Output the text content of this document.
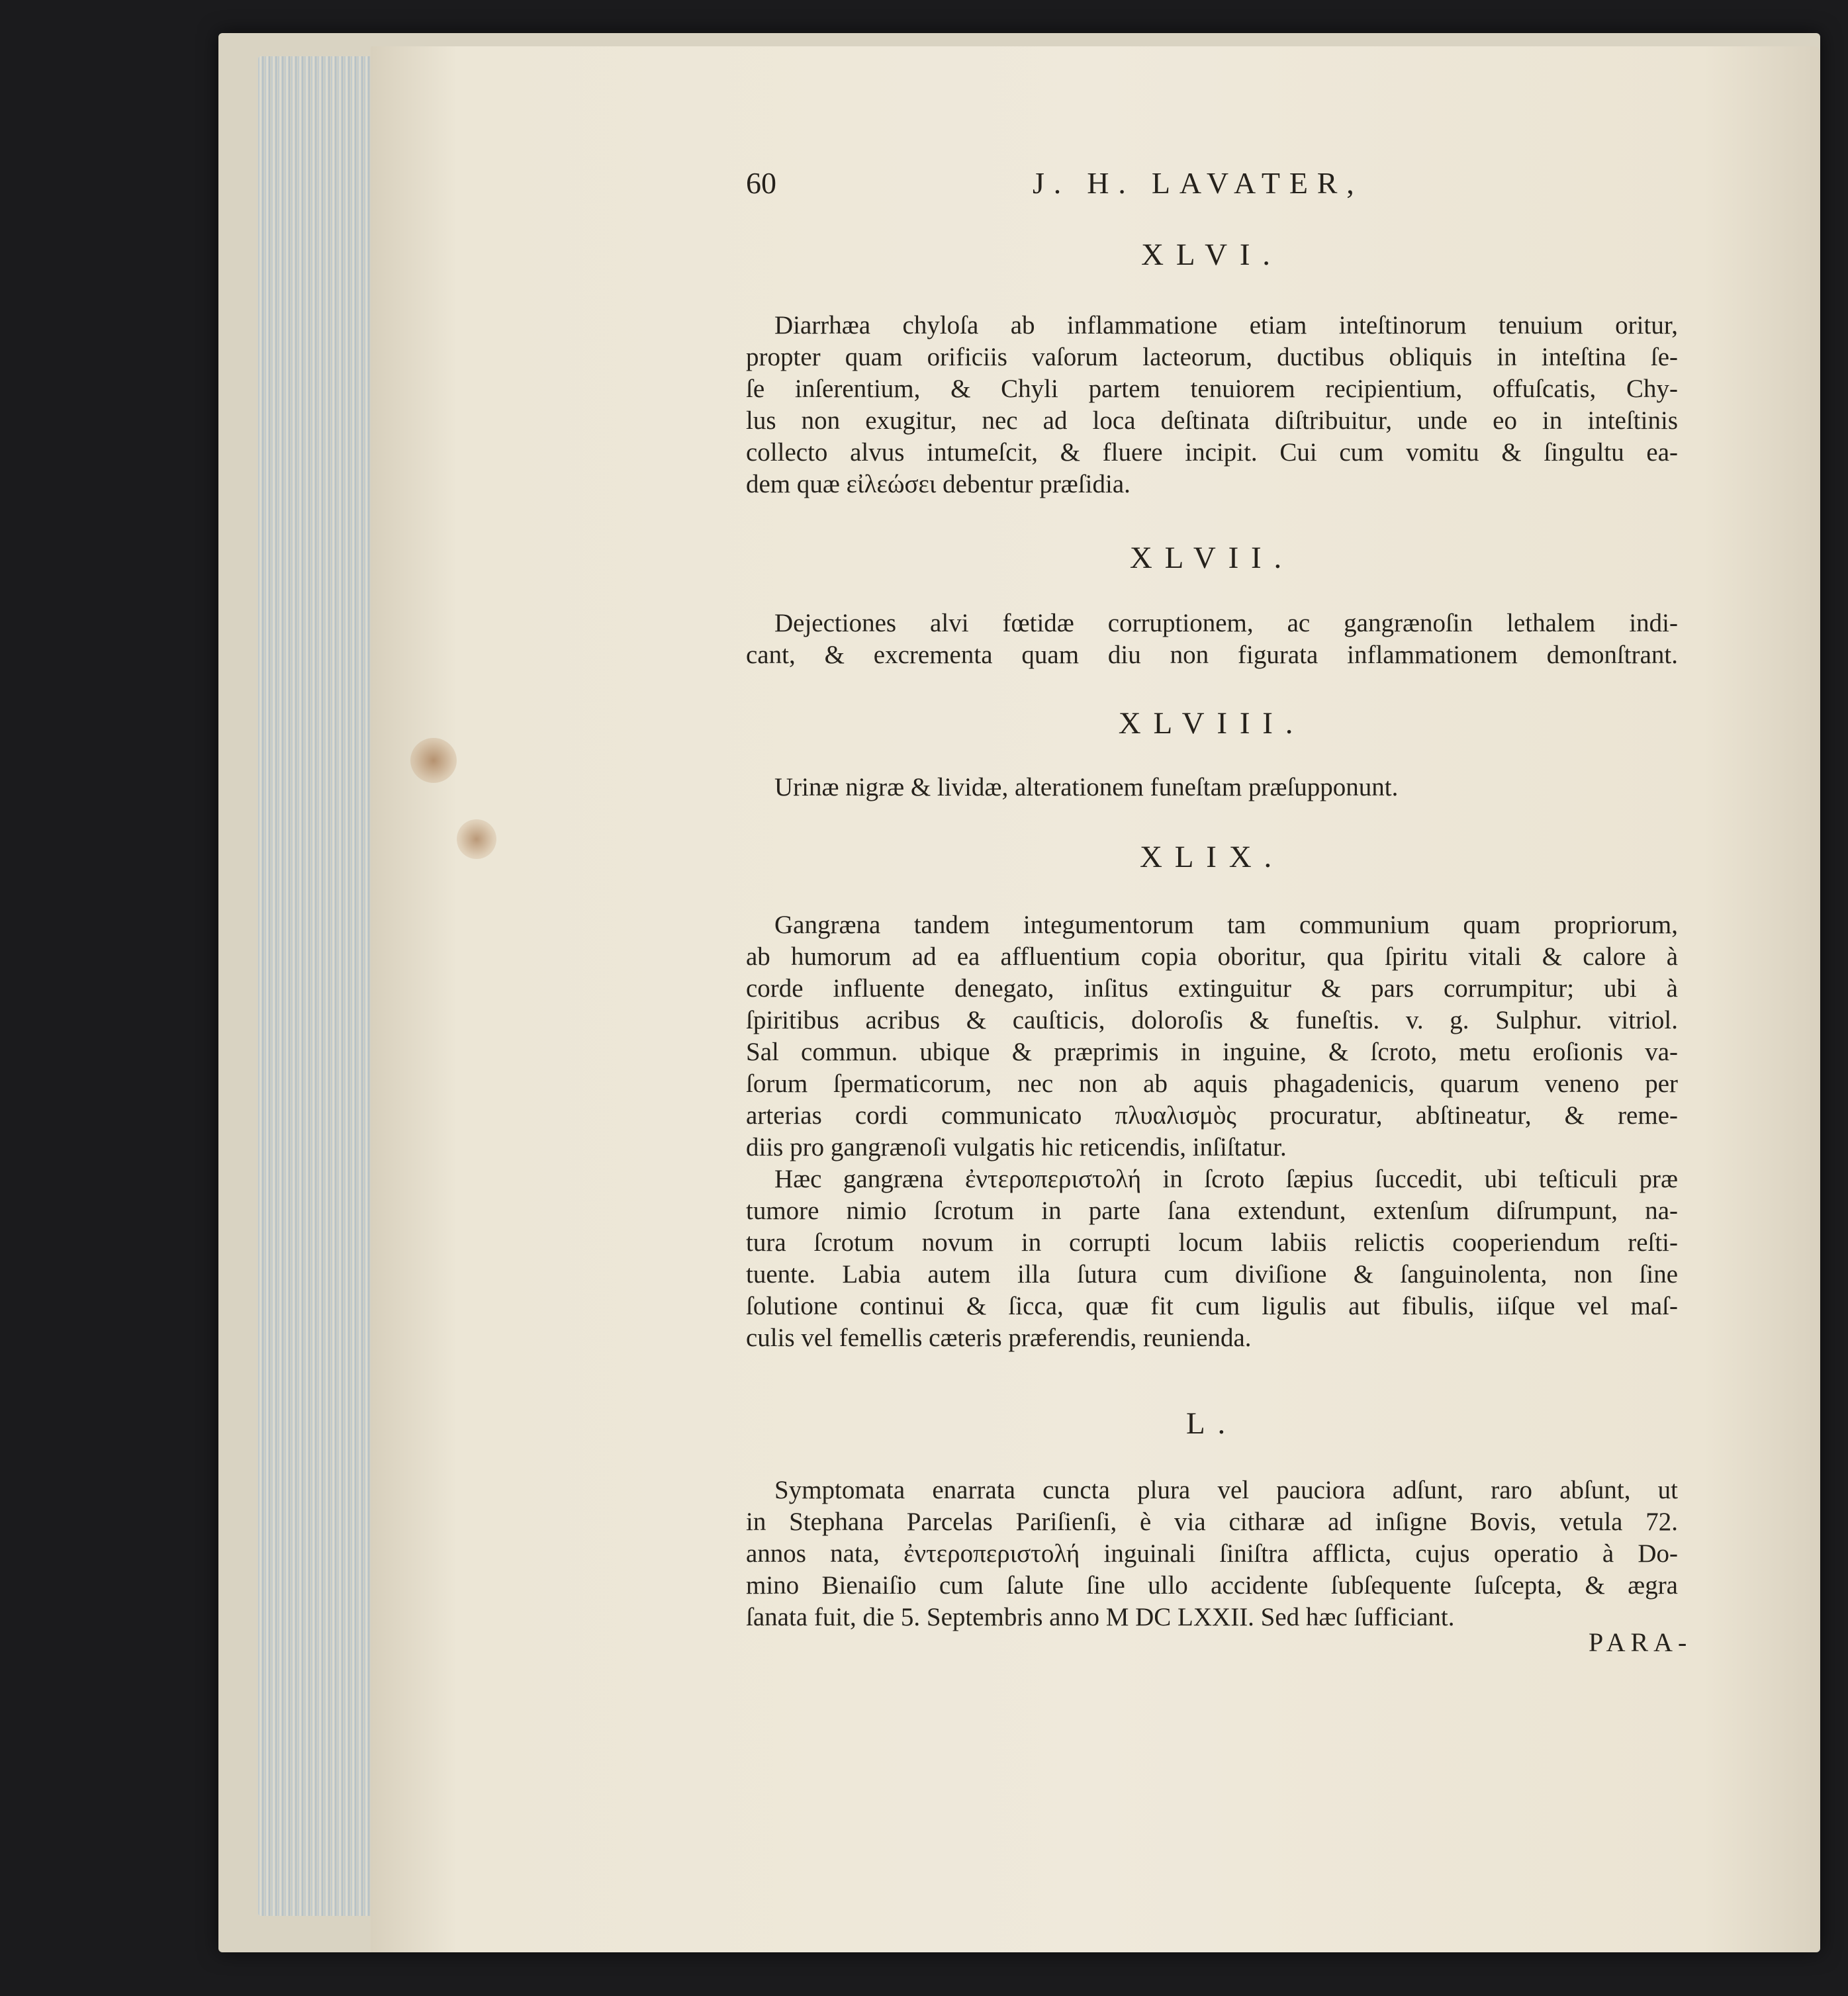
60	J. H. LAVATER,
XLVI.
Diarrhæa chyloſa ab inflammatione etiam inteſtinorum tenuium oritur,
propter quam orificiis vaſorum lacteorum, ductibus obliquis in inteſtina ſe-
ſe inſerentium, & Chyli partem tenuiorem recipientium, offuſcatis, Chy-
lus non exugitur, nec ad loca deſtinata diſtribuitur, unde eo in inteſtinis
collecto alvus intumeſcit, & fluere incipit. Cui cum vomitu & ſingultu ea-
dem quæ εἰλεώσει debentur præſidia.
XLVII.
Dejectiones alvi fœtidæ corruptionem, ac gangrænoſin lethalem indi-
cant, & excrementa quam diu non figurata inflammationem demonſtrant.
XLVIII.
Urinæ nigræ & lividæ, alterationem funeſtam præſupponunt.
XLIX.
Gangræna tandem integumentorum tam communium quam propriorum,
ab humorum ad ea affluentium copia oboritur, qua ſpiritu vitali & calore à
corde influente denegato, inſitus extinguitur & pars corrumpitur; ubi à
ſpiritibus acribus & cauſticis, doloroſis & funeſtis. v. g. Sulphur. vitriol.
Sal commun. ubique & præprimis in inguine, & ſcroto, metu eroſionis va-
ſorum ſpermaticorum, nec non ab aquis phagadenicis, quarum veneno per
arterias cordi communicato πλυαλισμὸς procuratur, abſtineatur, & reme-
diis pro gangrænoſi vulgatis hic reticendis, inſiſtatur.
Hæc gangræna ἐντεροπεριστολή in ſcroto ſæpius ſuccedit, ubi teſticuli præ
tumore nimio ſcrotum in parte ſana extendunt, extenſum diſrumpunt, na-
tura ſcrotum novum in corrupti locum labiis relictis cooperiendum reſti-
tuente. Labia autem illa ſutura cum diviſione & ſanguinolenta, non ſine
ſolutione continui & ſicca, quæ fit cum ligulis aut fibulis, iiſque vel maſ-
culis vel femellis cæteris præferendis, reunienda.
L.
Symptomata enarrata cuncta plura vel pauciora adſunt, raro abſunt, ut
in Stephana Parcelas Pariſienſi, è via citharæ ad inſigne Bovis, vetula 72.
annos nata, ἐντεροπεριστολή inguinali ſiniſtra afflicta, cujus operatio à Do-
mino Bienaiſio cum ſalute ſine ullo accidente ſubſequente ſuſcepta, & ægra
ſanata fuit, die 5. Septembris anno M DC LXXII. Sed hæc ſufficiant.
PARA-
